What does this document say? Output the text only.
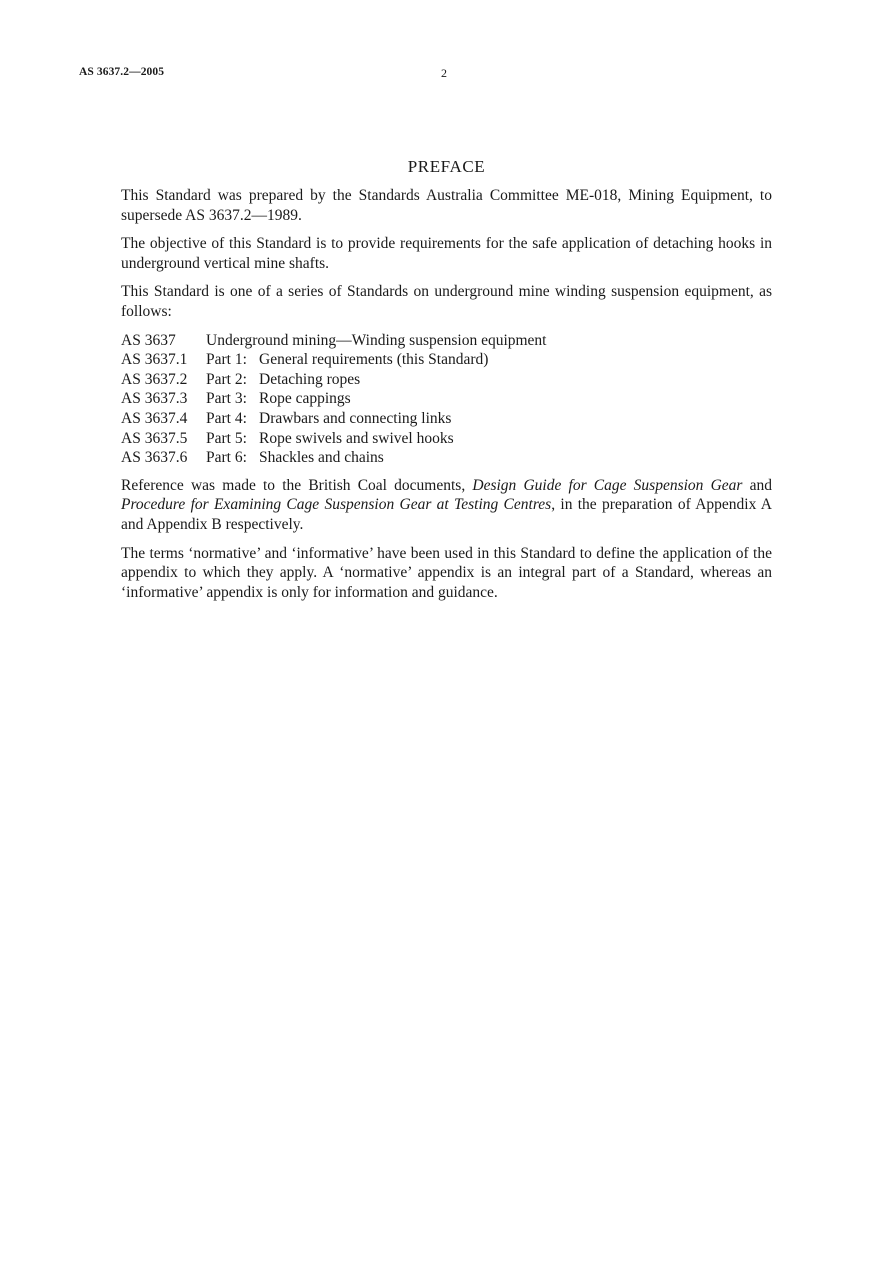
AS 3637.2—2005	2
PREFACE

This Standard was prepared by the Standards Australia Committee ME-018, Mining Equipment, to supersede AS 3637.2—1989.

The objective of this Standard is to provide requirements for the safe application of detaching hooks in underground vertical mine shafts.

This Standard is one of a series of Standards on underground mine winding suspension equipment, as follows:

AS 3637	Underground mining—Winding suspension equipment
AS 3637.1	Part 1: General requirements (this Standard)
AS 3637.2	Part 2: Detaching ropes
AS 3637.3	Part 3: Rope cappings
AS 3637.4	Part 4: Drawbars and connecting links
AS 3637.5	Part 5: Rope swivels and swivel hooks
AS 3637.6	Part 6: Shackles and chains

Reference was made to the British Coal documents, Design Guide for Cage Suspension Gear and Procedure for Examining Cage Suspension Gear at Testing Centres, in the preparation of Appendix A and Appendix B respectively.

The terms ‘normative’ and ‘informative’ have been used in this Standard to define the application of the appendix to which they apply. A ‘normative’ appendix is an integral part of a Standard, whereas an ‘informative’ appendix is only for information and guidance.
